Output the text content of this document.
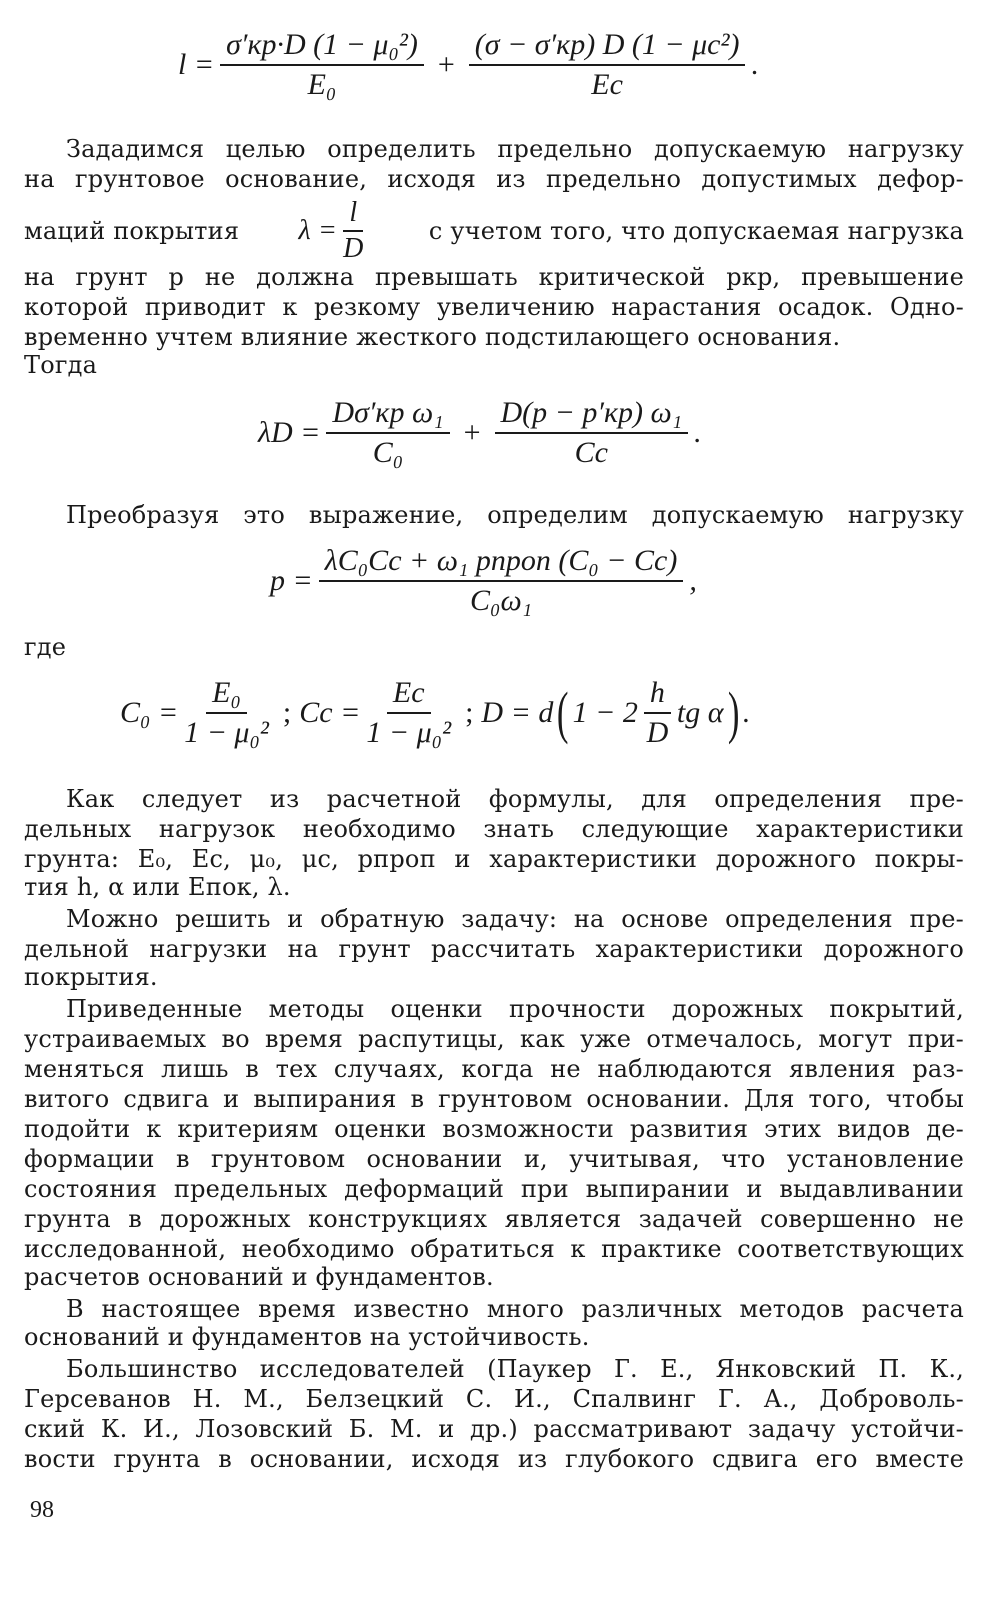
$l = \frac{\text{σ′кр·D (1 − μ₀²)}}{\text{E₀}} + \frac{\text{(σ − σ′кр) D (1 − μc²)}}{Ec}$ .
Зададимся целью определить предельно допускаемую нагрузку
на грунтовое основание, исходя из предельно допустимых дефор-
маций покрытия $\lambda = \frac{l}{D}$	с учетом того, что допускаемая нагрузка
на грунт p не должна превышать критической pкр, превышение
которой приводит к резкому увеличению нарастания осадок. Одно-
временно учтем влияние жесткого подстилающего основания.
Тогда
$\lambda D = \frac{\text{Dσ′кр ω₁}}{\text{C₀}} + \frac{\text{D(p − p′кр) ω₁}}{Cc}$ .
Преобразуя это выражение, определим допускаемую нагрузку
$p = \frac{\text{λC₀Cc + ω₁ pпроп (C₀ − Cc)}}{\text{C₀ω₁}}$ ,
где
$C_0 = \frac{\text{E₀}}{\text{1 − μ₀²}}$ ; $Cc = \frac{Ec}{\text{1 − μ₀²}}$ ; D = d ( $1 - 2 \frac{h}{D}$ tg α ) .
Как следует из расчетной формулы, для определения пре-
дельных нагрузок необходимо знать следующие характеристики
грунта: E₀, Ec, μ₀, μc, pпроп и характеристики дорожного покры-
тия h, α или Eпок, λ.
Можно решить и обратную задачу: на основе определения пре-
дельной нагрузки на грунт рассчитать характеристики дорожного
покрытия.
Приведенные методы оценки прочности дорожных покрытий,
устраиваемых во время распутицы, как уже отмечалось, могут при-
меняться лишь в тех случаях, когда не наблюдаются явления раз-
витого сдвига и выпирания в грунтовом основании. Для того, чтобы
подойти к критериям оценки возможности развития этих видов де-
формации в грунтовом основании и, учитывая, что установление
состояния предельных деформаций при выпирании и выдавливании
грунта в дорожных конструкциях является задачей совершенно не
исследованной, необходимо обратиться к практике соответствующих
расчетов оснований и фундаментов.
В настоящее время известно много различных методов расчета
оснований и фундаментов на устойчивость.
Большинство исследователей (Паукер Г. Е., Янковский П. К.,
Герсеванов Н. М., Белзецкий С. И., Спалвинг Г. А., Доброволь-
ский К. И., Лозовский Б. М. и др.) рассматривают задачу устойчи-
вости грунта в основании, исходя из глубокого сдвига его вместе
98
